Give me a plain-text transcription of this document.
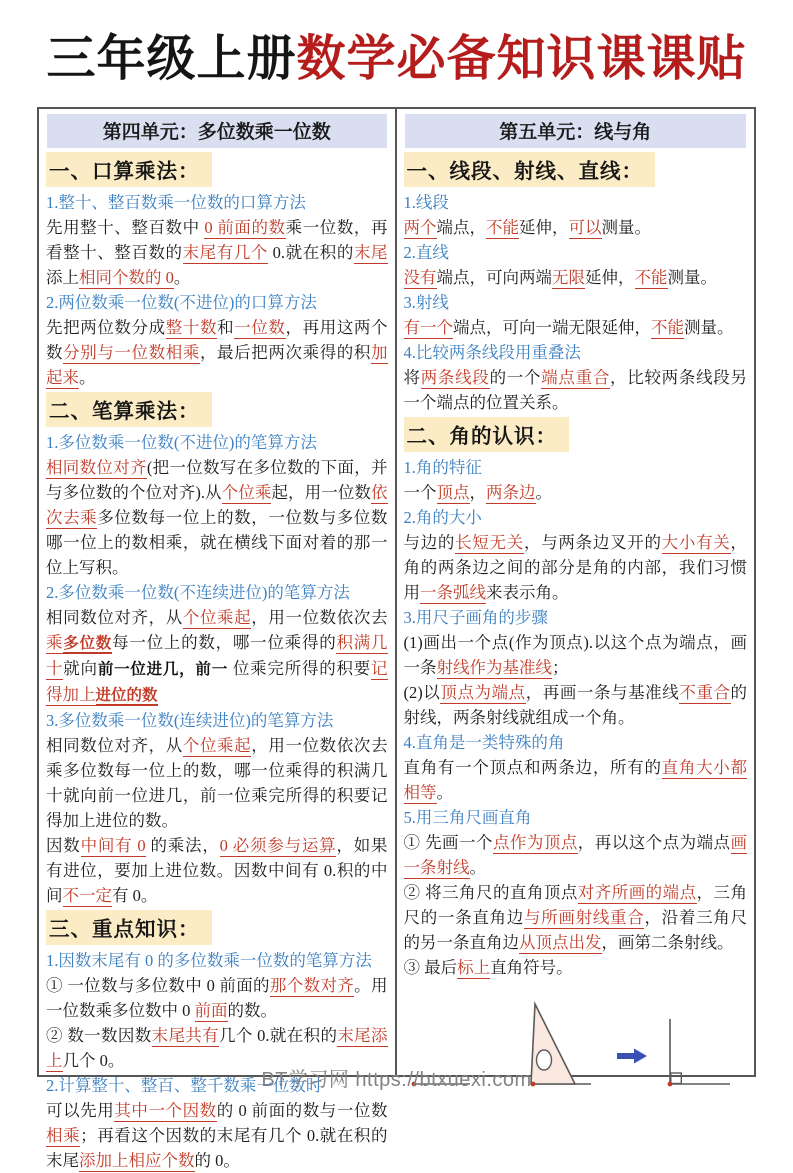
三年级上册数学必备知识课课贴
第四单元：多位数乘一位数
一、口算乘法：
1.整十、整百数乘一位数的口算方法

先用整十、整百数中 0 前面的数乘一位数，再看整十、整百数的末尾有几个 0.就在积的末尾添上相同个数的 0。

2.两位数乘一位数(不进位)的口算方法

先把两位数分成整十数和一位数，再用这两个数分别与一位数相乘，最后把两次乘得的积加起来。

二、笔算乘法：
1.多位数乘一位数(不进位)的笔算方法

相同数位对齐(把一位数写在多位数的下面，并与多位数的个位对齐).从个位乘起，用一位数依次去乘多位数每一位上的数，一位数与多位数哪一位上的数相乘，就在横线下面对着的那一位上写积。

2.多位数乘一位数(不连续进位)的笔算方法

相同数位对齐，从个位乘起，用一位数依次去乘多位数每一位上的数，哪一位乘得的积满几十就向前一位进几，前一 位乘完所得的积要记得加上进位的数

3.多位数乘一位数(连续进位)的笔算方法

相同数位对齐，从个位乘起，用一位数依次去乘多位数每一位上的数，哪一位乘得的积满几十就向前一位进几，前一位乘完所得的积要记得加上进位的数。

因数中间有 0 的乘法，0 必须参与运算，如果有进位，要加上进位数。因数中间有 0.积的中间不一定有 0。

三、重点知识：
1.因数末尾有 0 的多位数乘一位数的笔算方法

① 一位数与多位数中 0 前面的那个数对齐。用一位数乘多位数中 0 前面的数。

② 数一数因数末尾共有几个 0.就在积的末尾添上几个 0。

2.计算整十、整百、整千数乘一位数时

可以先用其中一个因数的 0 前面的数与一位数相乘；再看这个因数的末尾有几个 0.就在积的末尾添加上相应个数的 0。

第五单元：线与角
一、线段、射线、直线：
1.线段

两个端点，不能延伸，可以测量。

2.直线

没有端点，可向两端无限延伸，不能测量。

3.射线

有一个端点，可向一端无限延伸，不能测量。

4.比较两条线段用重叠法

将两条线段的一个端点重合，比较两条线段另一个端点的位置关系。

二、角的认识：
1.角的特征

一个顶点，两条边。

2.角的大小

与边的长短无关，与两条边叉开的大小有关，角的两条边之间的部分是角的内部，我们习惯用一条弧线来表示角。

3.用尺子画角的步骤

(1)画出一个点(作为顶点).以这个点为端点，画一条射线作为基准线；

(2)以顶点为端点，再画一条与基准线不重合的射线，两条射线就组成一个角。

4.直角是一类特殊的角

直角有一个顶点和两条边，所有的直角大小都相等。

5.用三角尺画直角

① 先画一个点作为顶点，再以这个点为端点画一条射线。

② 将三角尺的直角顶点对齐所画的端点，三角尺的一条直角边与所画射线重合，沿着三角尺的另一条直角边从顶点出发，画第二条射线。

③ 最后标上直角符号。

BT学习网 https://btxuexi.com
